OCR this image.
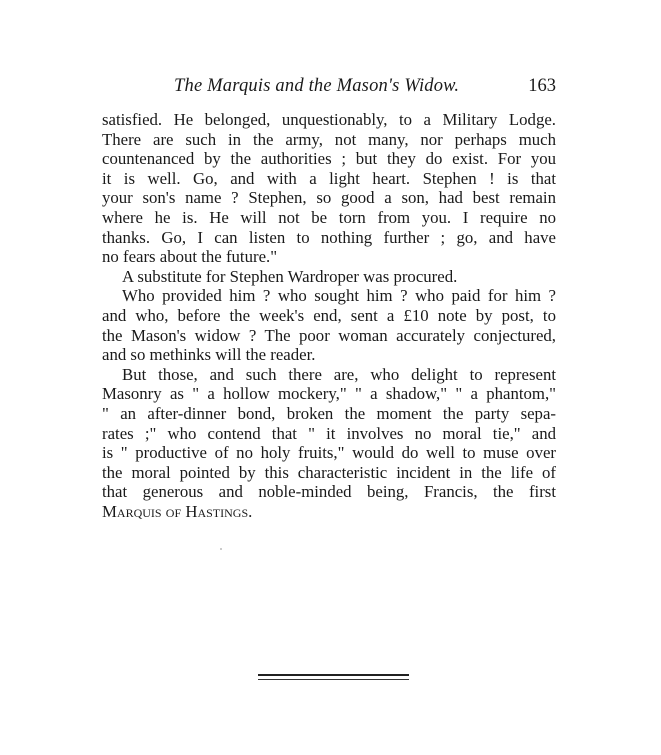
The Marquis and the Mason's Widow.	163
satisfied. He belonged, unquestionably, to a Military Lodge.
There are such in the army, not many, nor perhaps much
countenanced by the authorities ; but they do exist. For you
it is well. Go, and with a light heart. Stephen ! is that
your son's name ? Stephen, so good a son, had best remain
where he is. He will not be torn from you. I require no
thanks. Go, I can listen to nothing further ; go, and have
no fears about the future."
A substitute for Stephen Wardroper was procured.
Who provided him ? who sought him ? who paid for him ?
and who, before the week's end, sent a £10 note by post, to
the Mason's widow ? The poor woman accurately conjectured,
and so methinks will the reader.
But those, and such there are, who delight to represent
Masonry as " a hollow mockery," " a shadow," " a phantom,"
" an after-dinner bond, broken the moment the party sepa-
rates ;" who contend that " it involves no moral tie," and
is " productive of no holy fruits," would do well to muse over
the moral pointed by this characteristic incident in the life of
that generous and noble-minded being, Francis, the first
Marquis of Hastings.
